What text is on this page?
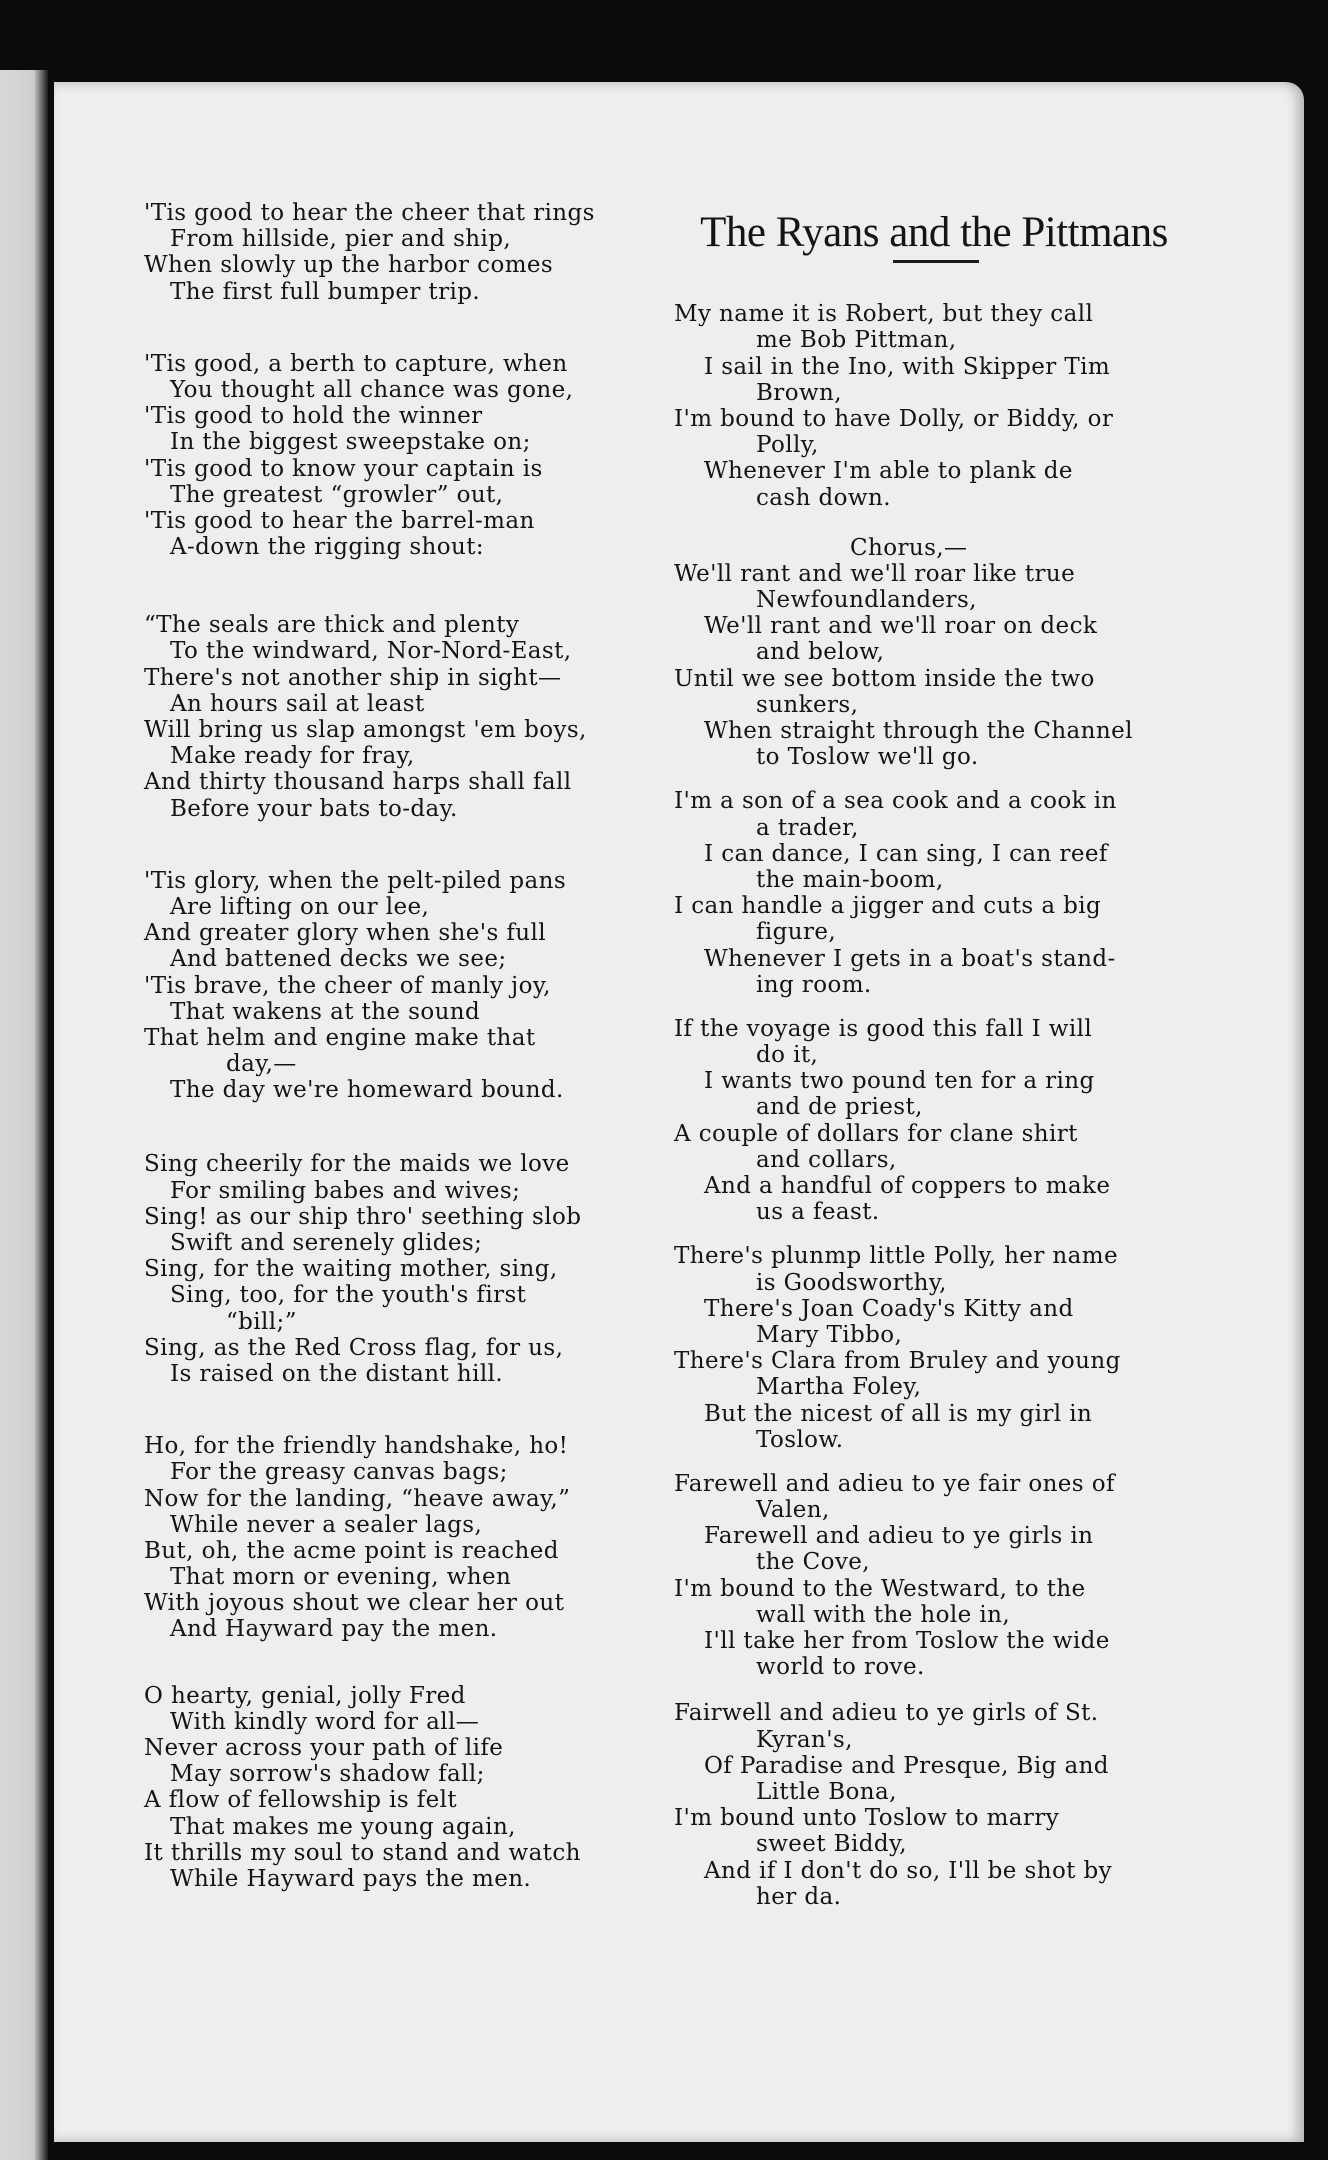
'Tis good to hear the cheer that rings
From hillside, pier and ship,
When slowly up the harbor comes
The first full bumper trip.
'Tis good, a berth to capture, when
You thought all chance was gone,
'Tis good to hold the winner
In the biggest sweepstake on;
'Tis good to know your captain is
The greatest “growler” out,
'Tis good to hear the barrel-man
A-down the rigging shout:
“The seals are thick and plenty
To the windward, Nor-Nord-East,
There's not another ship in sight—
An hours sail at least
Will bring us slap amongst 'em boys,
Make ready for fray,
And thirty thousand harps shall fall
Before your bats to-day.
'Tis glory, when the pelt-piled pans
Are lifting on our lee,
And greater glory when she's full
And battened decks we see;
'Tis brave, the cheer of manly joy,
That wakens at the sound
That helm and engine make that
day,—
The day we're homeward bound.
Sing cheerily for the maids we love
For smiling babes and wives;
Sing! as our ship thro' seething slob
Swift and serenely glides;
Sing, for the waiting mother, sing,
Sing, too, for the youth's first
“bill;”
Sing, as the Red Cross flag, for us,
Is raised on the distant hill.
Ho, for the friendly handshake, ho!
For the greasy canvas bags;
Now for the landing, “heave away,”
While never a sealer lags,
But, oh, the acme point is reached
That morn or evening, when
With joyous shout we clear her out
And Hayward pay the men.
O hearty, genial, jolly Fred
With kindly word for all—
Never across your path of life
May sorrow's shadow fall;
A flow of fellowship is felt
That makes me young again,
It thrills my soul to stand and watch
While Hayward pays the men.
The Ryans and the Pittmans
My name it is Robert, but they call
me Bob Pittman,
I sail in the Ino, with Skipper Tim
Brown,
I'm bound to have Dolly, or Biddy, or
Polly,
Whenever I'm able to plank de
cash down.
Chorus,—
We'll rant and we'll roar like true
Newfoundlanders,
We'll rant and we'll roar on deck
and below,
Until we see bottom inside the two
sunkers,
When straight through the Channel
to Toslow we'll go.
I'm a son of a sea cook and a cook in
a trader,
I can dance, I can sing, I can reef
the main-boom,
I can handle a jigger and cuts a big
figure,
Whenever I gets in a boat's stand-
ing room.
If the voyage is good this fall I will
do it,
I wants two pound ten for a ring
and de priest,
A couple of dollars for clane shirt
and collars,
And a handful of coppers to make
us a feast.
There's plunmp little Polly, her name
is Goodsworthy,
There's Joan Coady's Kitty and
Mary Tibbo,
There's Clara from Bruley and young
Martha Foley,
But the nicest of all is my girl in
Toslow.
Farewell and adieu to ye fair ones of
Valen,
Farewell and adieu to ye girls in
the Cove,
I'm bound to the Westward, to the
wall with the hole in,
I'll take her from Toslow the wide
world to rove.
Fairwell and adieu to ye girls of St.
Kyran's,
Of Paradise and Presque, Big and
Little Bona,
I'm bound unto Toslow to marry
sweet Biddy,
And if I don't do so, I'll be shot by
her da.
